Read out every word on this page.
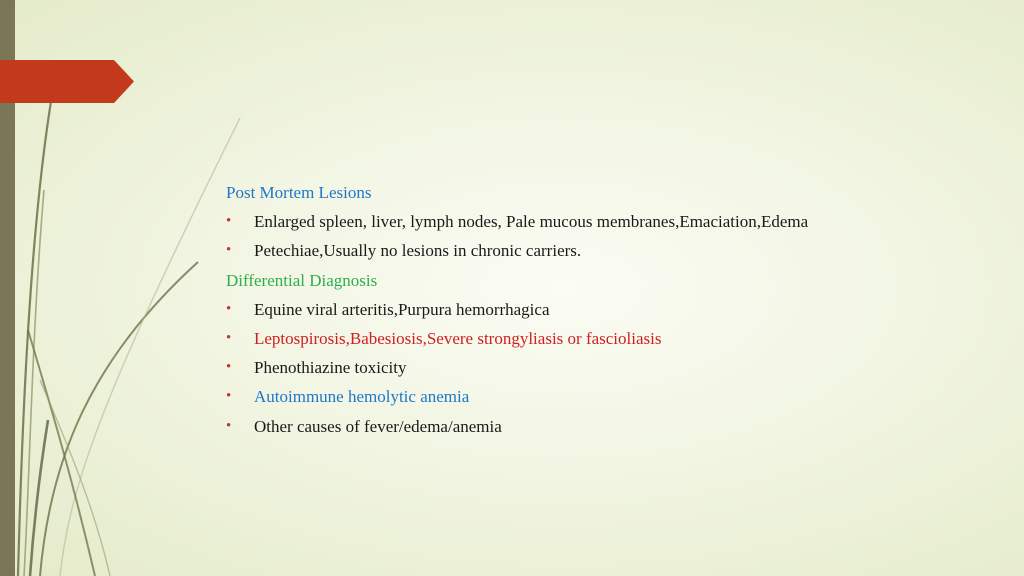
Post Mortem Lesions
• Enlarged spleen, liver, lymph nodes, Pale mucous membranes,Emaciation,Edema
• Petechiae,Usually no lesions in chronic carriers.
Differential Diagnosis
• Equine viral arteritis,Purpura hemorrhagica
• Leptospirosis,Babesiosis,Severe strongyliasis or fascioliasis
• Phenothiazine toxicity
• Autoimmune hemolytic anemia
• Other causes of fever/edema/anemia
